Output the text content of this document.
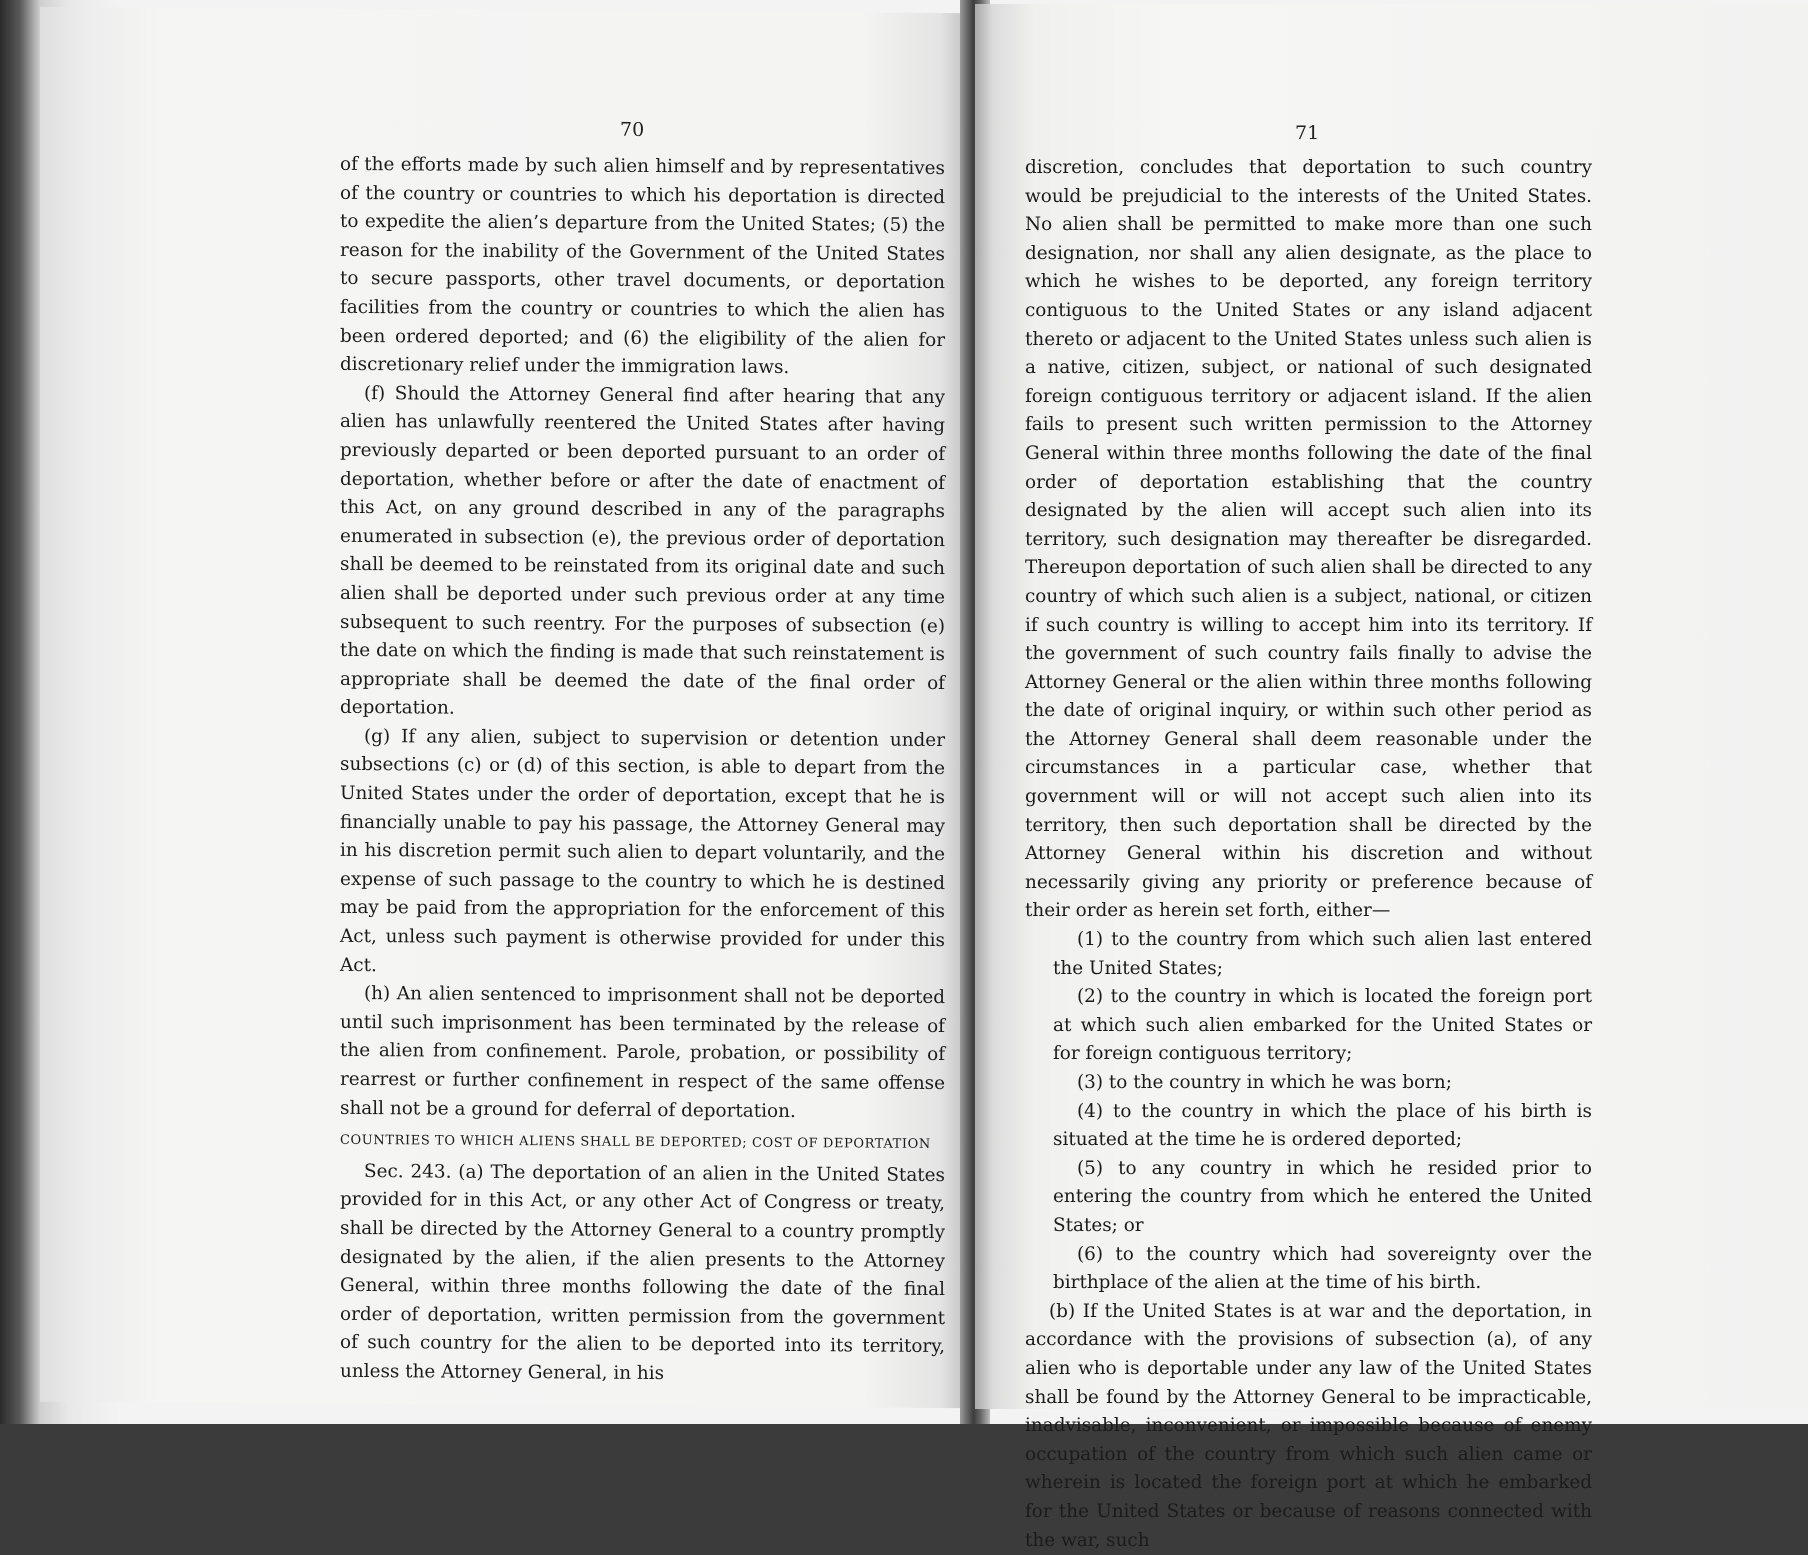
70

of the efforts made by such alien himself and by representatives of the country or countries to which his deportation is directed to expedite the alien’s departure from the United States; (5) the reason for the inability of the Government of the United States to secure passports, other travel documents, or deportation facilities from the country or countries to which the alien has been ordered deported; and (6) the eligibility of the alien for discretionary relief under the immigration laws.

(f) Should the Attorney General find after hearing that any alien has unlawfully reentered the United States after having previously departed or been deported pursuant to an order of deportation, whether before or after the date of enactment of this Act, on any ground described in any of the paragraphs enumerated in subsection (e), the previous order of deportation shall be deemed to be reinstated from its original date and such alien shall be deported under such previous order at any time subsequent to such reentry. For the purposes of subsection (e) the date on which the finding is made that such reinstatement is appropriate shall be deemed the date of the final order of deportation.

(g) If any alien, subject to supervision or detention under subsections (c) or (d) of this section, is able to depart from the United States under the order of deportation, except that he is financially unable to pay his passage, the Attorney General may in his discretion permit such alien to depart voluntarily, and the expense of such passage to the country to which he is destined may be paid from the appropriation for the enforcement of this Act, unless such payment is otherwise provided for under this Act.

(h) An alien sentenced to imprisonment shall not be deported until such imprisonment has been terminated by the release of the alien from confinement. Parole, probation, or possibility of rearrest or further confinement in respect of the same offense shall not be a ground for deferral of deportation.

COUNTRIES TO WHICH ALIENS SHALL BE DEPORTED; COST OF DEPORTATION

Sec. 243. (a) The deportation of an alien in the United States provided for in this Act, or any other Act of Congress or treaty, shall be directed by the Attorney General to a country promptly designated by the alien, if the alien presents to the Attorney General, within three months following the date of the final order of deportation, written permission from the government of such country for the alien to be deported into its territory, unless the Attorney General, in his

71

discretion, concludes that deportation to such country would be prejudicial to the interests of the United States. No alien shall be permitted to make more than one such designation, nor shall any alien designate, as the place to which he wishes to be deported, any foreign territory contiguous to the United States or any island adjacent thereto or adjacent to the United States unless such alien is a native, citizen, subject, or national of such designated foreign contiguous territory or adjacent island. If the alien fails to present such written permission to the Attorney General within three months following the date of the final order of deportation establishing that the country designated by the alien will accept such alien into its territory, such designation may thereafter be disregarded. Thereupon deportation of such alien shall be directed to any country of which such alien is a subject, national, or citizen if such country is willing to accept him into its territory. If the government of such country fails finally to advise the Attorney General or the alien within three months following the date of original inquiry, or within such other period as the Attorney General shall deem reasonable under the circumstances in a particular case, whether that government will or will not accept such alien into its territory, then such deportation shall be directed by the Attorney General within his discretion and without necessarily giving any priority or preference because of their order as herein set forth, either—

(1) to the country from which such alien last entered the United States;

(2) to the country in which is located the foreign port at which such alien embarked for the United States or for foreign contiguous territory;

(3) to the country in which he was born;

(4) to the country in which the place of his birth is situated at the time he is ordered deported;

(5) to any country in which he resided prior to entering the country from which he entered the United States; or

(6) to the country which had sovereignty over the birthplace of the alien at the time of his birth.

(b) If the United States is at war and the deportation, in accordance with the provisions of subsection (a), of any alien who is deportable under any law of the United States shall be found by the Attorney General to be impracticable, inadvisable, inconvenient, or impossible because of enemy occupation of the country from which such alien came or wherein is located the foreign port at which he embarked for the United States or because of reasons connected with the war, such
